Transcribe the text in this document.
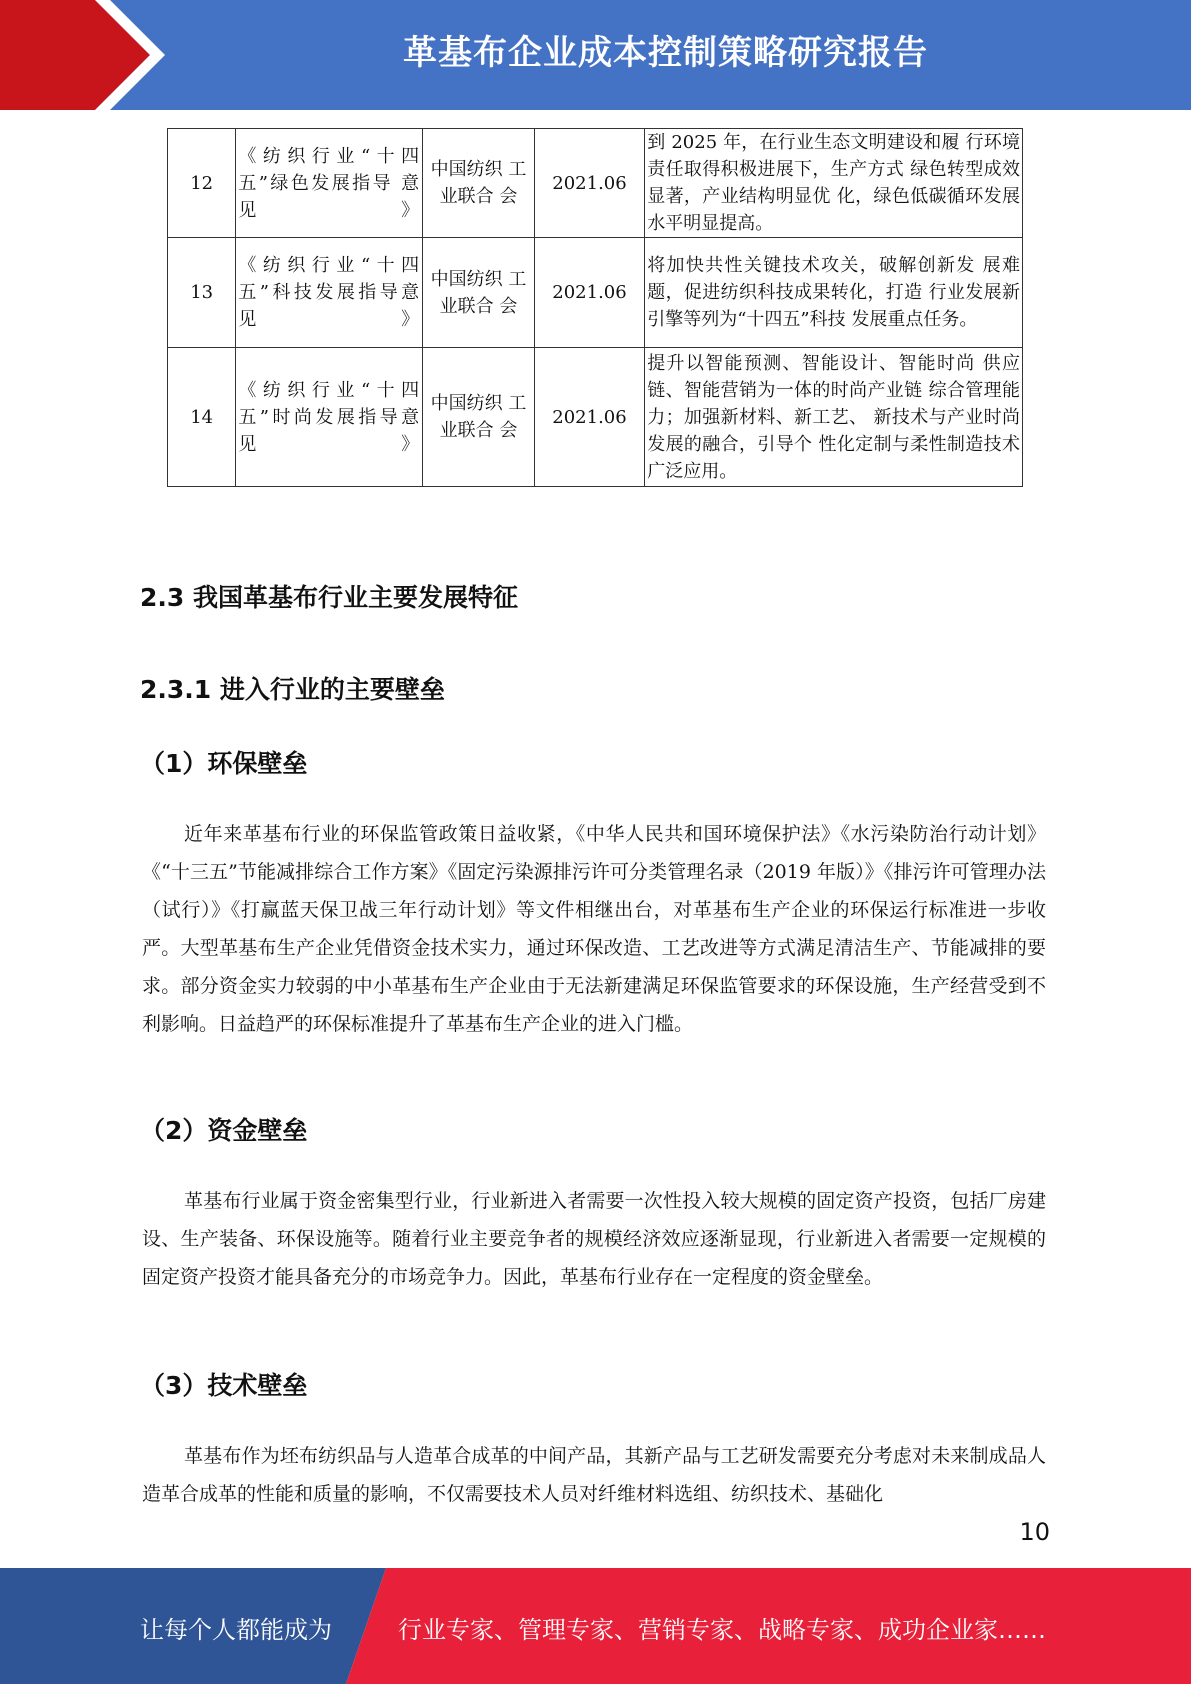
革基布企业成本控制策略研究报告
12	《纺织行业“十四五”绿色发展指导 意见》	中国纺织 工业联合 会	2021.06	到 2025 年，在行业生态文明建设和履 行环境责任取得积极进展下，生产方式 绿色转型成效显著，产业结构明显优 化，绿色低碳循环发展水平明显提高。
13	《纺织行业“十四五”科技发展指导意见》	中国纺织 工业联合 会	2021.06	将加快共性关键技术攻关，破解创新发 展难题，促进纺织科技成果转化，打造 行业发展新引擎等列为“十四五”科技 发展重点任务。
14	《纺织行业“十四五”时尚发展指导意见》	中国纺织 工业联合 会	2021.06	提升以智能预测、智能设计、智能时尚 供应链、智能营销为一体的时尚产业链 综合管理能力；加强新材料、新工艺、 新技术与产业时尚发展的融合，引导个 性化定制与柔性制造技术广泛应用。
2.3 我国革基布行业主要发展特征
2.3.1 进入行业的主要壁垒
（1）环保壁垒

近年来革基布行业的环保监管政策日益收紧，《中华人民共和国环境保护法》《水污染防治行动计划》《“十三五”节能减排综合工作方案》《固定污染源排污许可分类管理名录（2019 年版）》《排污许可管理办法（试行）》《打赢蓝天保卫战三年行动计划》等文件相继出台，对革基布生产企业的环保运行标准进一步收严。大型革基布生产企业凭借资金技术实力，通过环保改造、工艺改进等方式满足清洁生产、节能减排的要求。部分资金实力较弱的中小革基布生产企业由于无法新建满足环保监管要求的环保设施，生产经营受到不利影响。日益趋严的环保标准提升了革基布生产企业的进入门槛。

（2）资金壁垒

革基布行业属于资金密集型行业，行业新进入者需要一次性投入较大规模的固定资产投资，包括厂房建设、生产装备、环保设施等。随着行业主要竞争者的规模经济效应逐渐显现，行业新进入者需要一定规模的固定资产投资才能具备充分的市场竞争力。因此，革基布行业存在一定程度的资金壁垒。

（3）技术壁垒

革基布作为坯布纺织品与人造革合成革的中间产品，其新产品与工艺研发需要充分考虑对未来制成品人造革合成革的性能和质量的影响，不仅需要技术人员对纤维材料选组、纺织技术、基础化

10
让每个人都能成为	行业专家、管理专家、营销专家、战略专家、成功企业家……
